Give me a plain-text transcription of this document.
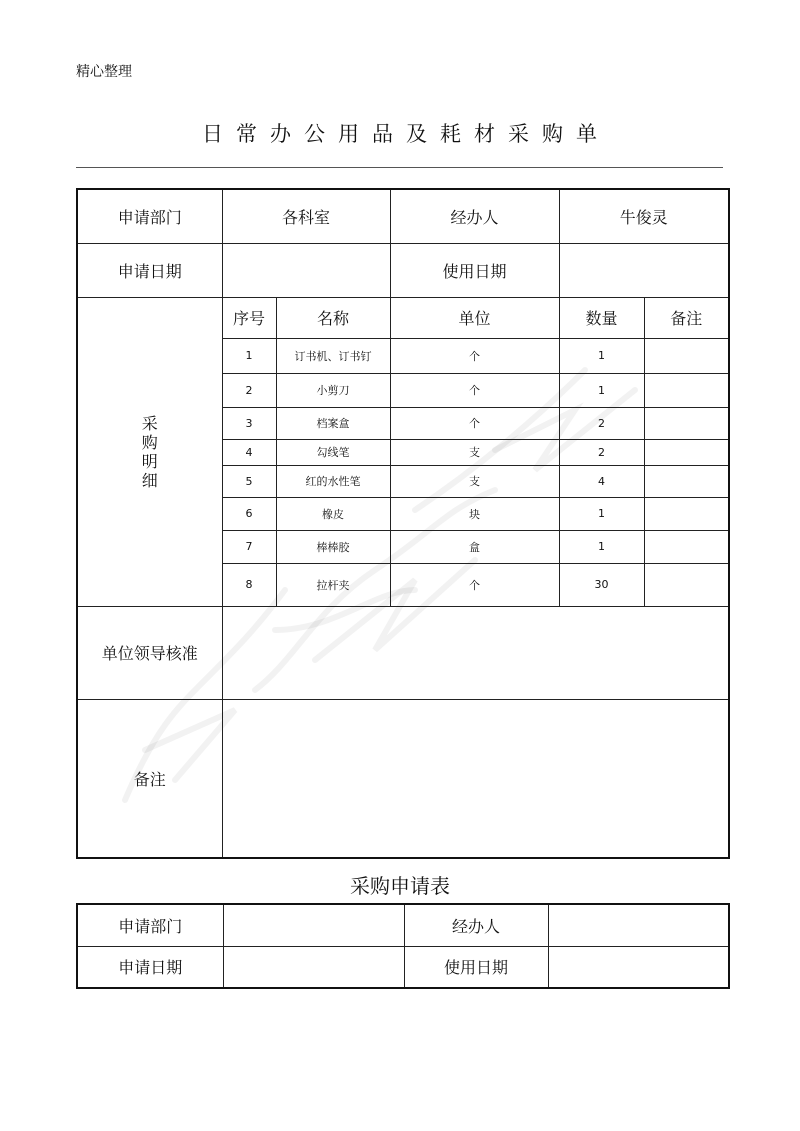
精心整理
日常办公用品及耗材采购单
申请部门	各科室		经办人	牛俊灵	
申请日期			使用日期		

采
购
明
细	序号	名称	单位	数量	备注
	1	订书机、订书钉	个	1	
	2	小剪刀	个	1	
	3	档案盒	个	2	
	4	勾线笔	支	2	
	5	红的水性笔	支	4	
	6	橡皮	块	1	
	7	棒棒胶	盒	1	
	8	拉杆夹	个	30	
单位领导核准					
备注					
采购申请表
申请部门		经办人	
申请日期		使用日期	
